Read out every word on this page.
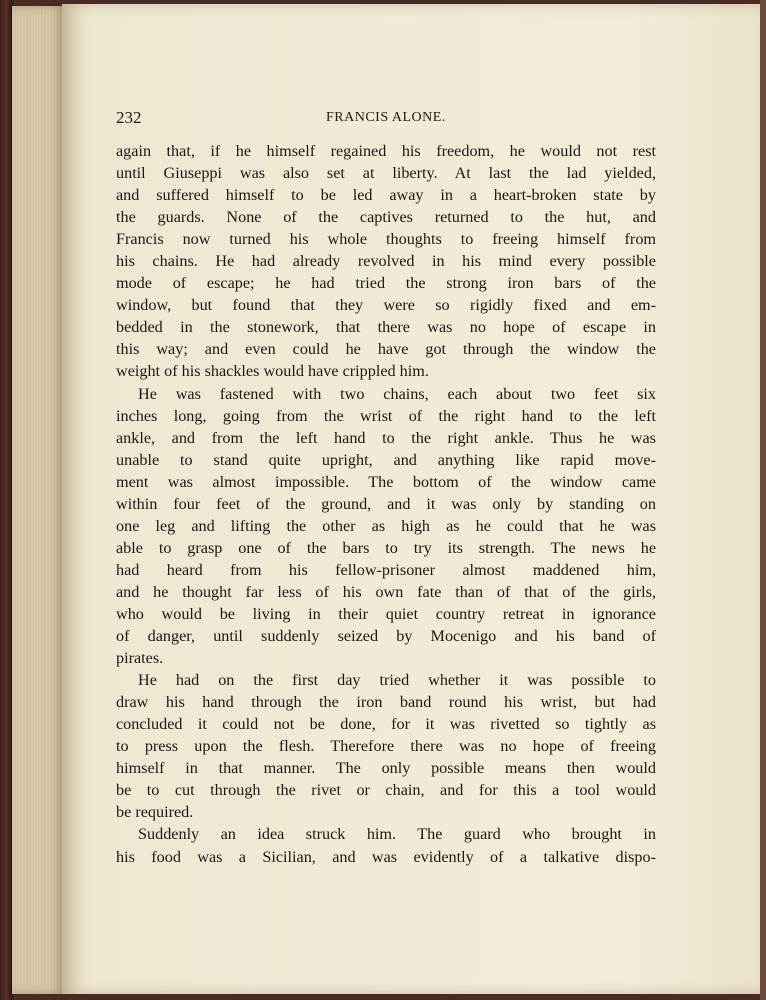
232	FRANCIS ALONE.
again that, if he himself regained his freedom, he would not rest
until Giuseppi was also set at liberty. At last the lad yielded,
and suffered himself to be led away in a heart-broken state by
the guards. None of the captives returned to the hut, and
Francis now turned his whole thoughts to freeing himself from
his chains. He had already revolved in his mind every possible
mode of escape; he had tried the strong iron bars of the
window, but found that they were so rigidly fixed and em-
bedded in the stonework, that there was no hope of escape in
this way; and even could he have got through the window the
weight of his shackles would have crippled him.
He was fastened with two chains, each about two feet six
inches long, going from the wrist of the right hand to the left
ankle, and from the left hand to the right ankle. Thus he was
unable to stand quite upright, and anything like rapid move-
ment was almost impossible. The bottom of the window came
within four feet of the ground, and it was only by standing on
one leg and lifting the other as high as he could that he was
able to grasp one of the bars to try its strength. The news he
had heard from his fellow-prisoner almost maddened him,
and he thought far less of his own fate than of that of the girls,
who would be living in their quiet country retreat in ignorance
of danger, until suddenly seized by Mocenigo and his band of
pirates.
He had on the first day tried whether it was possible to
draw his hand through the iron band round his wrist, but had
concluded it could not be done, for it was rivetted so tightly as
to press upon the flesh. Therefore there was no hope of freeing
himself in that manner. The only possible means then would
be to cut through the rivet or chain, and for this a tool would
be required.
Suddenly an idea struck him. The guard who brought in
his food was a Sicilian, and was evidently of a talkative dispo-
